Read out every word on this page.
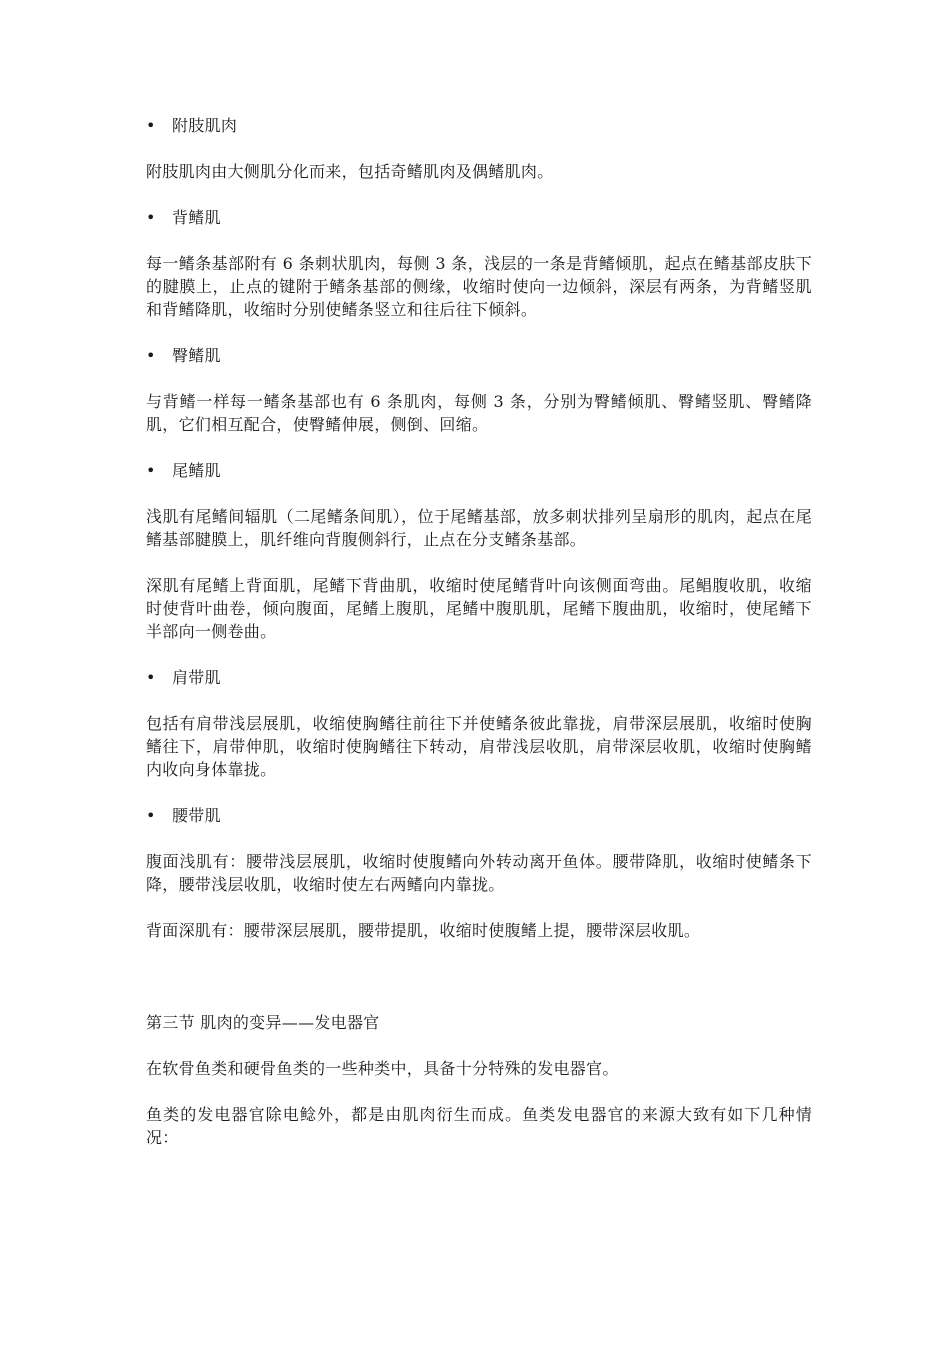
•	附肢肌肉

附肢肌肉由大侧肌分化而来，包括奇鳍肌肉及偶鳍肌肉。

•	背鳍肌

每一鳍条基部附有 6 条刺状肌肉，每侧 3 条，浅层的一条是背鳍倾肌，起点在鳍基部皮肤下的腱膜上，止点的键附于鳍条基部的侧缘，收缩时使向一边倾斜，深层有两条，为背鳍竖肌和背鳍降肌，收缩时分别使鳍条竖立和往后往下倾斜。

•	臀鳍肌

与背鳍一样每一鳍条基部也有 6 条肌肉，每侧 3 条，分别为臀鳍倾肌、臀鳍竖肌、臀鳍降肌，它们相互配合，使臀鳍伸展，侧倒、回缩。

•	尾鳍肌

浅肌有尾鳍间辐肌（二尾鳍条间肌），位于尾鳍基部，放多刺状排列呈扇形的肌肉，起点在尾鳍基部腱膜上，肌纤维向背腹侧斜行，止点在分支鳍条基部。

深肌有尾鳍上背面肌，尾鳍下背曲肌，收缩时使尾鳍背叶向该侧面弯曲。尾鲳腹收肌，收缩时使背叶曲卷，倾向腹面，尾鳍上腹肌，尾鳍中腹肌肌，尾鳍下腹曲肌，收缩时，使尾鳍下半部向一侧卷曲。

•	肩带肌

包括有肩带浅层展肌，收缩使胸鳍往前往下并使鳍条彼此靠拢，肩带深层展肌，收缩时使胸鳍往下，肩带伸肌，收缩时使胸鳍往下转动，肩带浅层收肌，肩带深层收肌，收缩时使胸鳍内收向身体靠拢。

•	腰带肌

腹面浅肌有：腰带浅层展肌，收缩时使腹鳍向外转动离开鱼体。腰带降肌，收缩时使鳍条下降，腰带浅层收肌，收缩时使左右两鳍向内靠拢。

背面深肌有：腰带深层展肌，腰带提肌，收缩时使腹鳍上提，腰带深层收肌。

第三节 肌肉的变异——发电器官

在软骨鱼类和硬骨鱼类的一些种类中，具备十分特殊的发电器官。

鱼类的发电器官除电鲶外，都是由肌肉衍生而成。鱼类发电器官的来源大致有如下几种情况：
